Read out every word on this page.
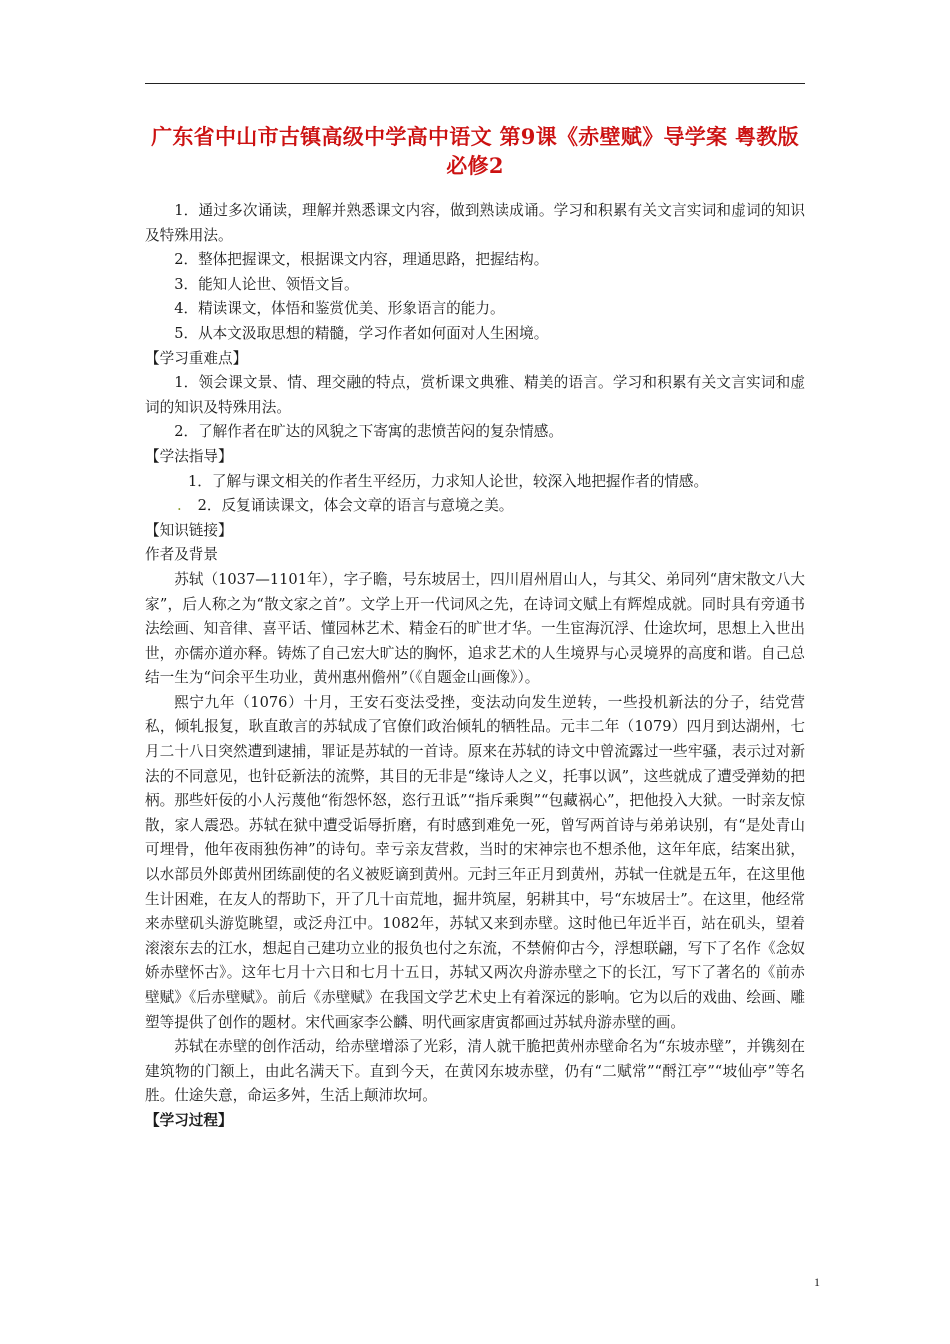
广东省中山市古镇高级中学高中语文 第9课《赤壁赋》导学案 粤教版必修2

1．通过多次诵读，理解并熟悉课文内容，做到熟读成诵。学习和积累有关文言实词和虚词的知识及特殊用法。

2．整体把握课文，根据课文内容，理通思路，把握结构。

3．能知人论世、领悟文旨。

4．精读课文，体悟和鉴赏优美、形象语言的能力。

5．从本文汲取思想的精髓，学习作者如何面对人生困境。

【学习重难点】

1．领会课文景、情、理交融的特点，赏析课文典雅、精美的语言。学习和积累有关文言实词和虚词的知识及特殊用法。

2．了解作者在旷达的风貌之下寄寓的悲愤苦闷的复杂情感。

【学法指导】

1．了解与课文相关的作者生平经历，力求知人论世，较深入地把握作者的情感。

. 2．反复诵读课文，体会文章的语言与意境之美。

【知识链接】

作者及背景

苏轼（1037—1101年），字子瞻，号东坡居士，四川眉州眉山人，与其父、弟同列“唐宋散文八大家”，后人称之为“散文家之首”。文学上开一代词风之先，在诗词文赋上有辉煌成就。同时具有旁通书法绘画、知音律、喜平话、懂园林艺术、精金石的旷世才华。一生宦海沉浮、仕途坎坷，思想上入世出世，亦儒亦道亦释。铸炼了自己宏大旷达的胸怀，追求艺术的人生境界与心灵境界的高度和谐。自己总结一生为“问余平生功业，黄州惠州儋州”（《自题金山画像》）。

熙宁九年（1076）十月，王安石变法受挫，变法动向发生逆转，一些投机新法的分子，结党营私，倾轧报复，耿直敢言的苏轼成了官僚们政治倾轧的牺牲品。元丰二年（1079）四月到达湖州，七月二十八日突然遭到逮捕，罪证是苏轼的一首诗。原来在苏轼的诗文中曾流露过一些牢骚，表示过对新法的不同意见，也针砭新法的流弊，其目的无非是“缘诗人之义，托事以讽”，这些就成了遭受弹劾的把柄。那些奸佞的小人污蔑他“衔怨怀怒，恣行丑诋”“指斥乘舆”“包藏祸心”，把他投入大狱。一时亲友惊散，家人震恐。苏轼在狱中遭受诟辱折磨，有时感到难免一死，曾写两首诗与弟弟诀别，有“是处青山可埋骨，他年夜雨独伤神”的诗句。幸亏亲友营救，当时的宋神宗也不想杀他，这年年底，结案出狱，以水部员外郎黄州团练副使的名义被贬谪到黄州。元封三年正月到黄州，苏轼一住就是五年，在这里他生计困难，在友人的帮助下，开了几十亩荒地，掘井筑屋，躬耕其中，号“东坡居士”。在这里，他经常来赤壁矶头游览眺望，或泛舟江中。1082年，苏轼又来到赤壁。这时他已年近半百，站在矶头，望着滚滚东去的江水，想起自己建功立业的报负也付之东流，不禁俯仰古今，浮想联翩，写下了名作《念奴娇赤壁怀古》。这年七月十六日和七月十五日，苏轼又两次舟游赤壁之下的长江，写下了著名的《前赤壁赋》《后赤壁赋》。前后《赤壁赋》在我国文学艺术史上有着深远的影响。它为以后的戏曲、绘画、雕塑等提供了创作的题材。宋代画家李公麟、明代画家唐寅都画过苏轼舟游赤壁的画。

苏轼在赤壁的创作活动，给赤壁增添了光彩，清人就干脆把黄州赤壁命名为“东坡赤壁”，并镌刻在建筑物的门额上，由此名满天下。直到今天，在黄冈东坡赤壁，仍有“二赋常”“酹江亭”“坡仙亭”等名胜。仕途失意，命运多舛，生活上颠沛坎坷。

【学习过程】

1
